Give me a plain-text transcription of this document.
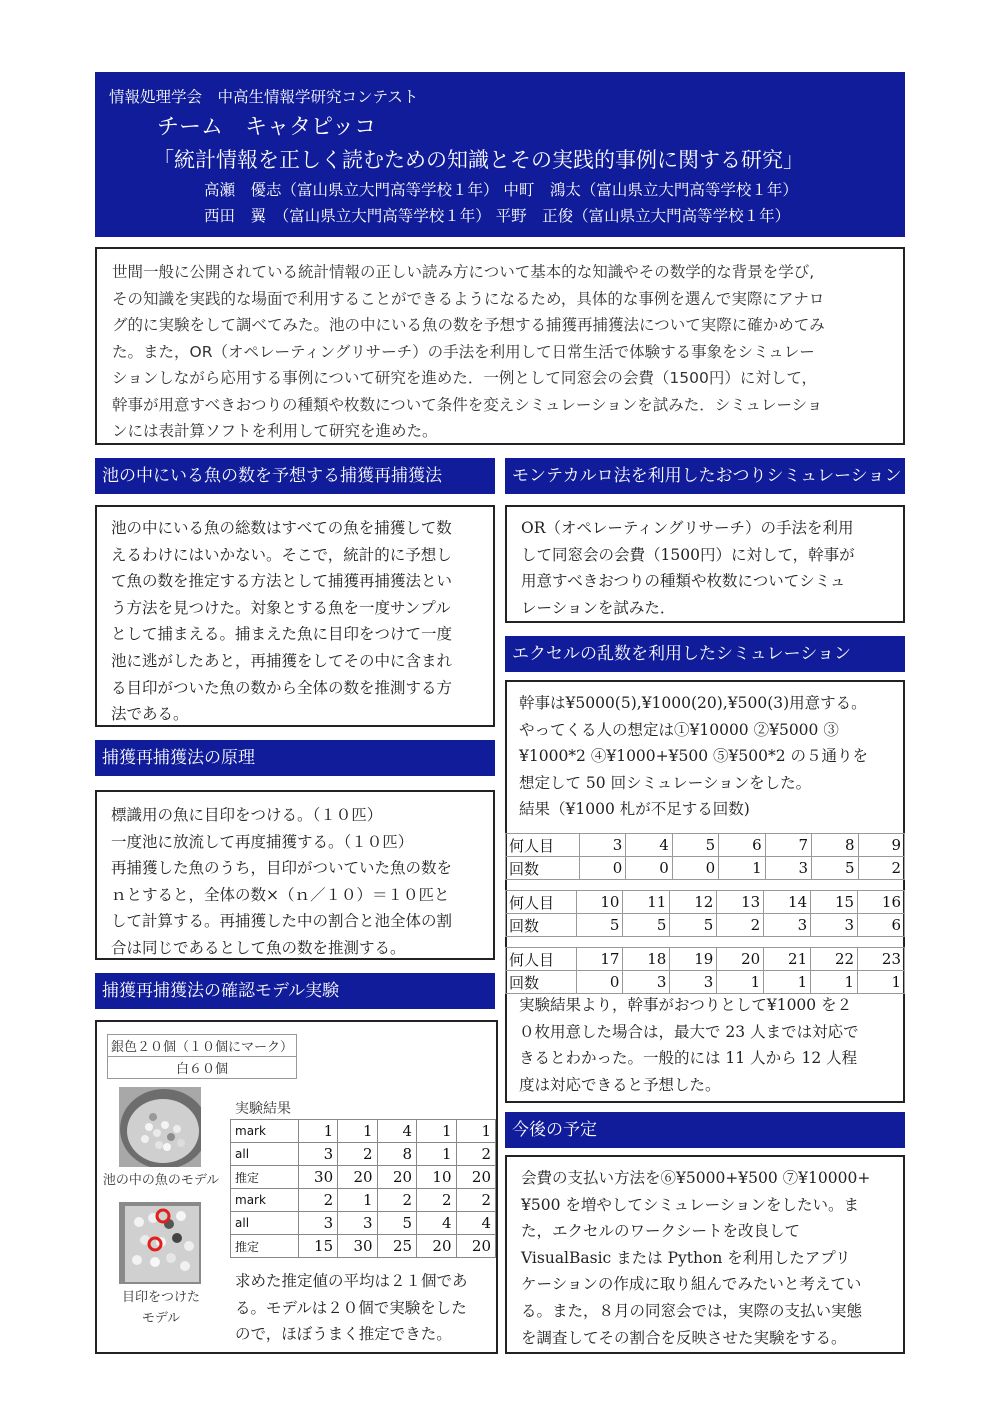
情報処理学会　中高生情報学研究コンテスト
チーム　キャタピッコ
「統計情報を正しく読むための知識とその実践的事例に関する研究」
高瀬　優志（富山県立大門高等学校１年） 中町　鴻太（富山県立大門高等学校１年）
西田　翼　（富山県立大門高等学校１年） 平野　正俊（富山県立大門高等学校１年）
世間一般に公開されている統計情報の正しい読み方について基本的な知識やその数学的な背景を学び,
その知識を実践的な場面で利用することができるようになるため，具体的な事例を選んで実際にアナロ
グ的に実験をして調べてみた。池の中にいる魚の数を予想する捕獲再捕獲法について実際に確かめてみ
た。また，OR（オペレーティングリサーチ）の手法を利用して日常生活で体験する事象をシミュレー
ションしながら応用する事例について研究を進めた．一例として同窓会の会費（1500円）に対して，
幹事が用意すべきおつりの種類や枚数について条件を変えシミュレーションを試みた．シミュレーショ
ンには表計算ソフトを利用して研究を進めた。
池の中にいる魚の数を予想する捕獲再捕獲法
池の中にいる魚の総数はすべての魚を捕獲して数
えるわけにはいかない。そこで，統計的に予想し
て魚の数を推定する方法として捕獲再捕獲法とい
う方法を見つけた。対象とする魚を一度サンプル
として捕まえる。捕まえた魚に目印をつけて一度
池に逃がしたあと，再捕獲をしてその中に含まれ
る目印がついた魚の数から全体の数を推測する方
法である。
捕獲再捕獲法の原理
標識用の魚に目印をつける。（１０匹）
一度池に放流して再度捕獲する。（１０匹）
再捕獲した魚のうち，目印がついていた魚の数を
ｎとすると，全体の数×（ｎ／１０）＝１０匹と
して計算する。再捕獲した中の割合と池全体の割
合は同じであるとして魚の数を推測する。
捕獲再捕獲法の確認モデル実験
銀色２０個（１０個にマーク）
白６０個
池の中の魚のモデル
目印をつけた
モデル
実験結果
mark	1	1	4	1	1
all	3	2	8	1	2
推定	30	20	20	10	20
mark	2	1	2	2	2
all	3	3	5	4	4
推定	15	30	25	20	20
求めた推定値の平均は２１個であ
る。モデルは２０個で実験をした
ので，ほぼうまく推定できた。
モンテカルロ法を利用したおつりシミュレーション
OR（オペレーティングリサーチ）の手法を利用
して同窓会の会費（1500円）に対して，幹事が
用意すべきおつりの種類や枚数についてシミュ
レーションを試みた．
エクセルの乱数を利用したシミュレーション
幹事は¥5000(5),¥1000(20),¥500(3)用意する。
やってくる人の想定は①¥10000 ②¥5000 ③
¥1000*2 ④¥1000+¥500 ⑤¥500*2 の５通りを
想定して 50 回シミュレーションをした。
結果（¥1000 札が不足する回数)
何人目	3	4	5	6	7	8	9
回数	0	0	0	1	3	5	2
何人目	10	11	12	13	14	15	16
回数	5	5	5	2	3	3	6
何人目	17	18	19	20	21	22	23
回数	0	3	3	1	1	1	1
実験結果より，幹事がおつりとして¥1000 を２
０枚用意した場合は，最大で 23 人までは対応で
きるとわかった。一般的には 11 人から 12 人程
度は対応できると予想した。
今後の予定
会費の支払い方法を⑥¥5000+¥500 ⑦¥10000+
¥500 を増やしてシミュレーションをしたい。ま
た，エクセルのワークシートを改良して
VisualBasic または Python を利用したアプリ
ケーションの作成に取り組んでみたいと考えてい
る。また，８月の同窓会では，実際の支払い実態
を調査してその割合を反映させた実験をする。
